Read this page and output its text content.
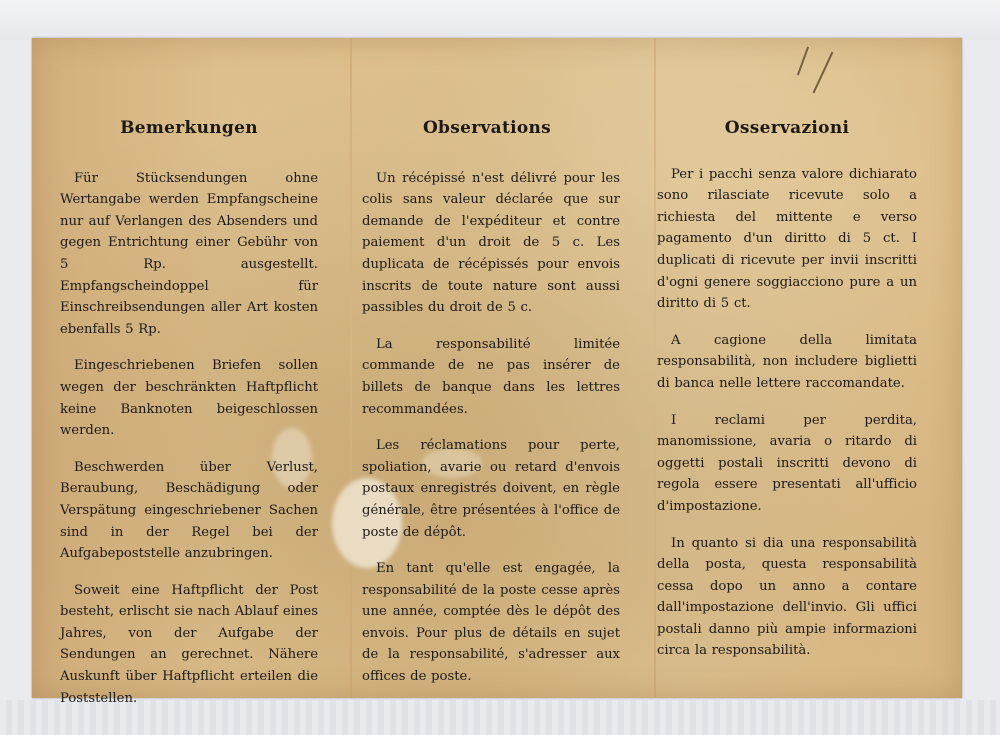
Bemerkungen

Für Stücksendungen ohne Wertangabe werden Empfangscheine nur auf Verlangen des Absenders und gegen Entrichtung einer Gebühr von 5 Rp. ausgestellt. Empfangscheindoppel für Einschreibsendungen aller Art kosten ebenfalls 5 Rp.

Eingeschriebenen Briefen sollen wegen der beschränkten Haftpflicht keine Banknoten beigeschlossen werden.

Beschwerden über Verlust, Beraubung, Beschädigung oder Verspätung eingeschriebener Sachen sind in der Regel bei der Aufgabepoststelle anzubringen.

Soweit eine Haftpflicht der Post besteht, erlischt sie nach Ablauf eines Jahres, von der Aufgabe der Sendungen an gerechnet. Nähere Auskunft über Haftpflicht erteilen die Poststellen.

Observations

Un récépissé n'est délivré pour les colis sans valeur déclarée que sur demande de l'expéditeur et contre paiement d'un droit de 5 c. Les duplicata de récépissés pour envois inscrits de toute nature sont aussi passibles du droit de 5 c.

La responsabilité limitée commande de ne pas insérer de billets de banque dans les lettres recommandées.

Les réclamations pour perte, spoliation, avarie ou retard d'envois postaux enregistrés doivent, en règle générale, être présentées à l'office de poste de dépôt.

En tant qu'elle est engagée, la responsabilité de la poste cesse après une année, comptée dès le dépôt des envois. Pour plus de détails en sujet de la responsabilité, s'adresser aux offices de poste.

Osservazioni

Per i pacchi senza valore dichiarato sono rilasciate ricevute solo a richiesta del mittente e verso pagamento d'un diritto di 5 ct. I duplicati di ricevute per invii inscritti d'ogni genere soggiacciono pure a un diritto di 5 ct.

A cagione della limitata responsabilità, non includere biglietti di banca nelle lettere raccomandate.

I reclami per perdita, manomissione, avaria o ritardo di oggetti postali inscritti devono di regola essere presentati all'ufficio d'impostazione.

In quanto si dia una responsabilità della posta, questa responsabilità cessa dopo un anno a contare dall'impostazione dell'invio. Gli uffici postali danno più ampie informazioni circa la responsabilità.
